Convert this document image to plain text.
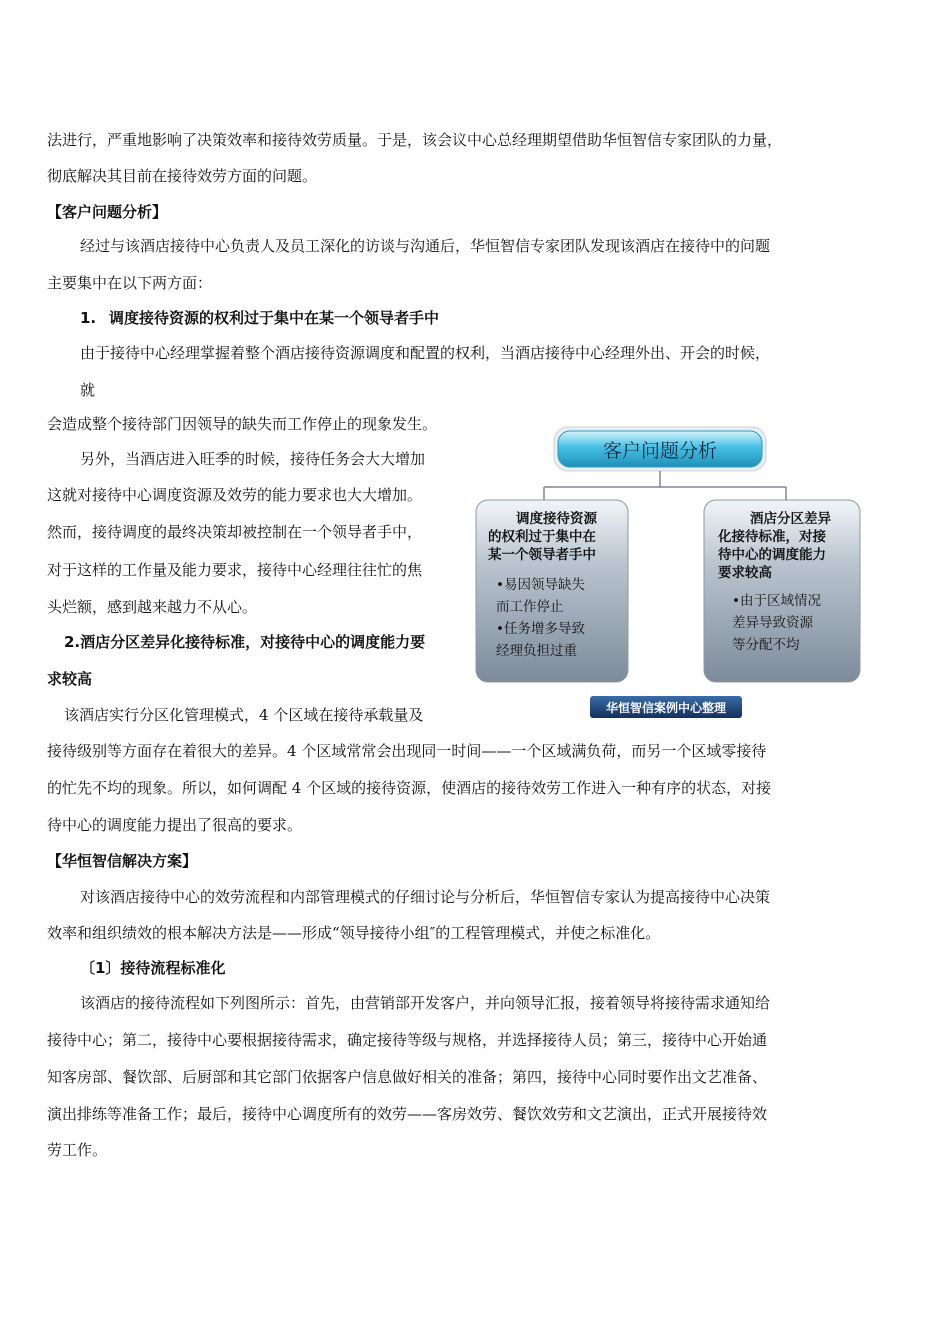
法进行，严重地影响了决策效率和接待效劳质量。于是，该会议中心总经理期望借助华恒智信专家团队的力量，
彻底解决其目前在接待效劳方面的问题。
【客户问题分析】
经过与该酒店接待中心负责人及员工深化的访谈与沟通后，华恒智信专家团队发现该酒店在接待中的问题
主要集中在以下两方面：
1. 调度接待资源的权利过于集中在某一个领导者手中
由于接待中心经理掌握着整个酒店接待资源调度和配置的权利，当酒店接待中心经理外出、开会的时候，
就
会造成整个接待部门因领导的缺失而工作停止的现象发生。
另外，当酒店进入旺季的时候，接待任务会大大增加
这就对接待中心调度资源及效劳的能力要求也大大增加。
然而，接待调度的最终决策却被控制在一个领导者手中，
对于这样的工作量及能力要求，接待中心经理往往忙的焦
头烂额，感到越来越力不从心。
2.酒店分区差异化接待标准，对接待中心的调度能力要
求较高
该酒店实行分区化管理模式，4 个区域在接待承载量及
接待级别等方面存在着很大的差异。4 个区域常常会出现同一时间——一个区域满负荷，而另一个区域零接待
的忙先不均的现象。所以，如何调配 4 个区域的接待资源，使酒店的接待效劳工作进入一种有序的状态，对接
待中心的调度能力提出了很高的要求。
【华恒智信解决方案】
对该酒店接待中心的效劳流程和内部管理模式的仔细讨论与分析后，华恒智信专家认为提高接待中心决策
效率和组织绩效的根本解决方法是——形成“领导接待小组″的工程管理模式，并使之标准化。
〔1〕接待流程标准化
该酒店的接待流程如下列图所示：首先，由营销部开发客户，并向领导汇报，接着领导将接待需求通知给
接待中心；第二，接待中心要根据接待需求，确定接待等级与规格，并选择接待人员；第三，接待中心开始通
知客房部、餐饮部、后厨部和其它部门依据客户信息做好相关的准备；第四，接待中心同时要作出文艺准备、
演出排练等准备工作；最后，接待中心调度所有的效劳——客房效劳、餐饮效劳和文艺演出，正式开展接待效
劳工作。
客户问题分析
调度接待资源
的权利过于集中在
某一个领导者手中
•易因领导缺失
而工作停止
•任务增多导致
经理负担过重
酒店分区差异
化接待标准，对接
待中心的调度能力
要求较高
•由于区域情况
差异导致资源
等分配不均
华恒智信案例中心整理
